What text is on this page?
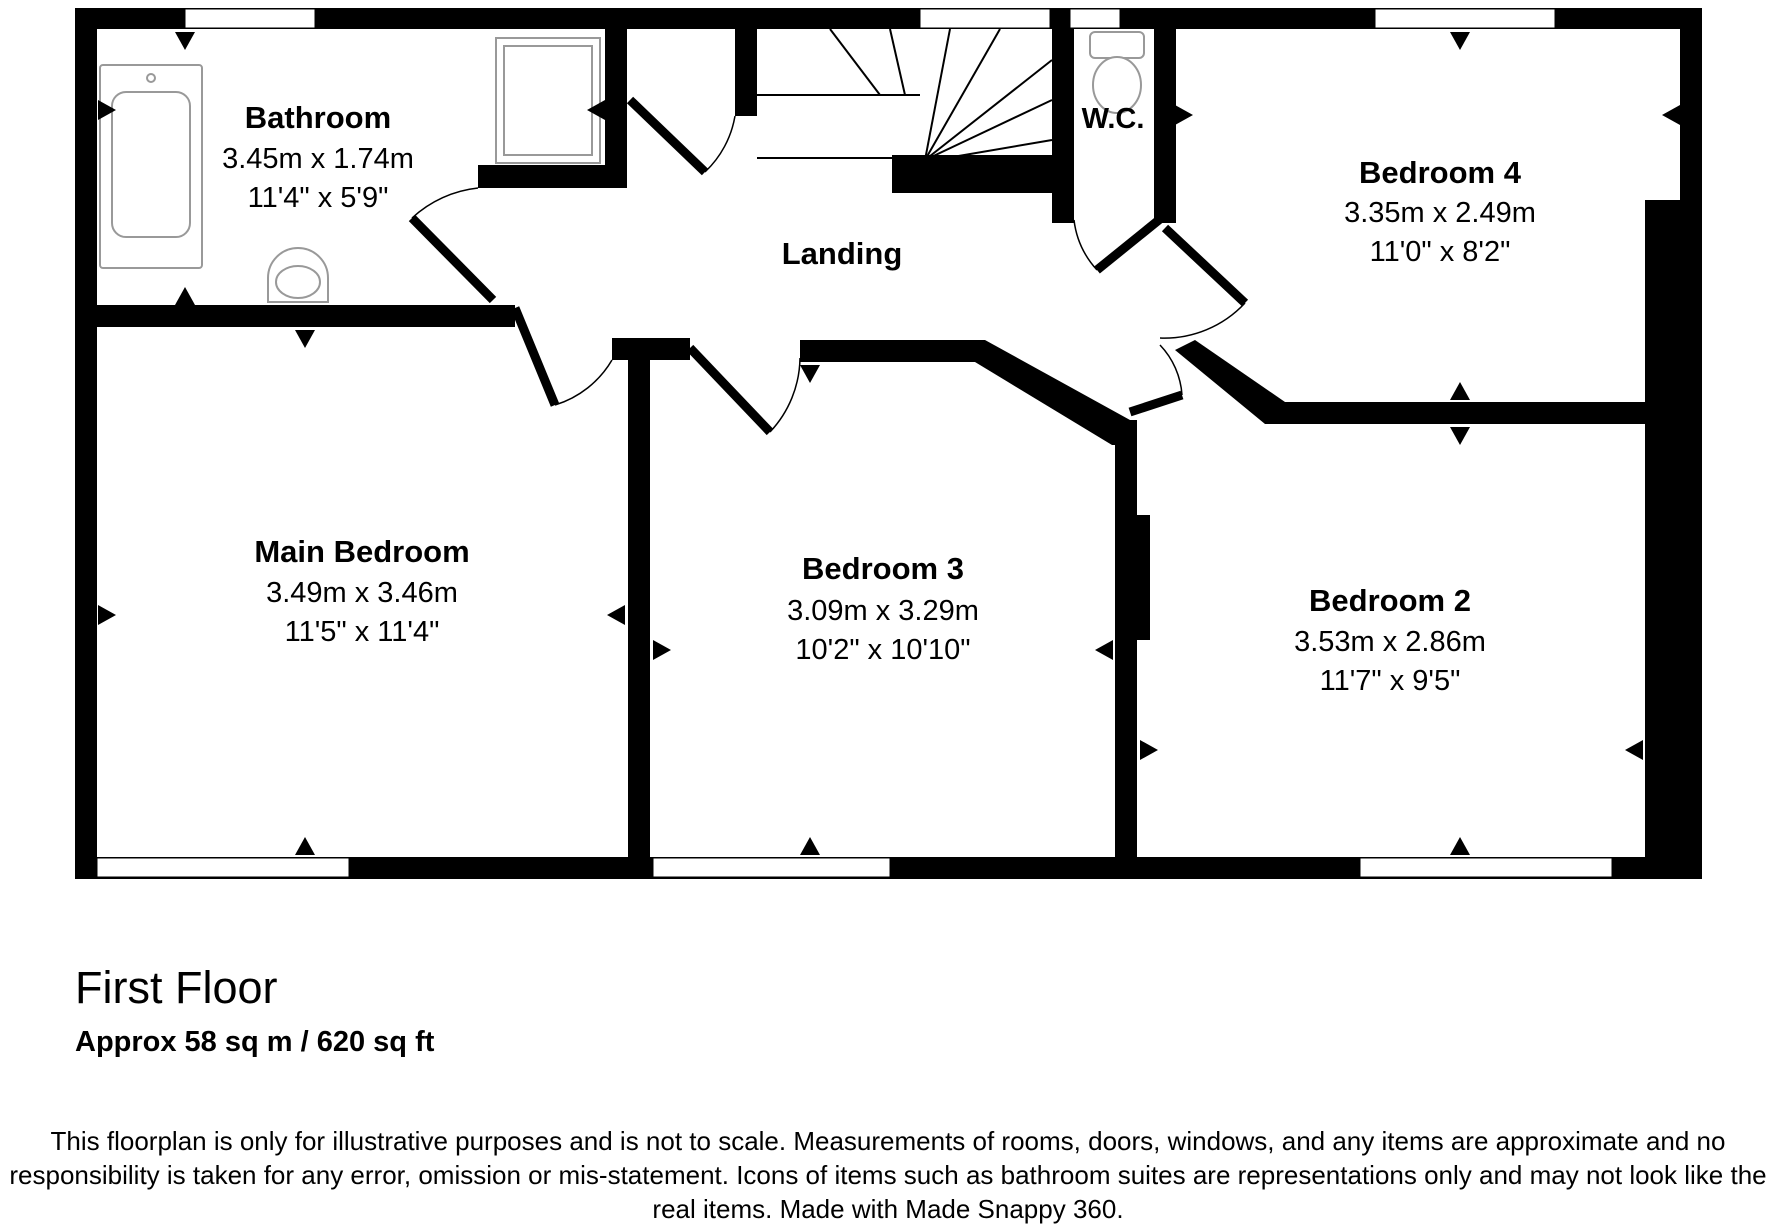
Bathroom
3.45m x 1.74m
11'4" x 5'9"
W.C.
Bedroom 4
3.35m x 2.49m
11'0" x 8'2"
Landing
Main Bedroom
3.49m x 3.46m
11'5" x 11'4"
Bedroom 3
3.09m x 3.29m
10'2" x 10'10"
Bedroom 2
3.53m x 2.86m
11'7" x 9'5"
First Floor
Approx 58 sq m / 620 sq ft
This floorplan is only for illustrative purposes and is not to scale. Measurements of rooms, doors, windows, and any items are approximate and no responsibility is taken for any error, omission or mis-statement. Icons of items such as bathroom suites are representations only and may not look like the real items. Made with Made Snappy 360.
